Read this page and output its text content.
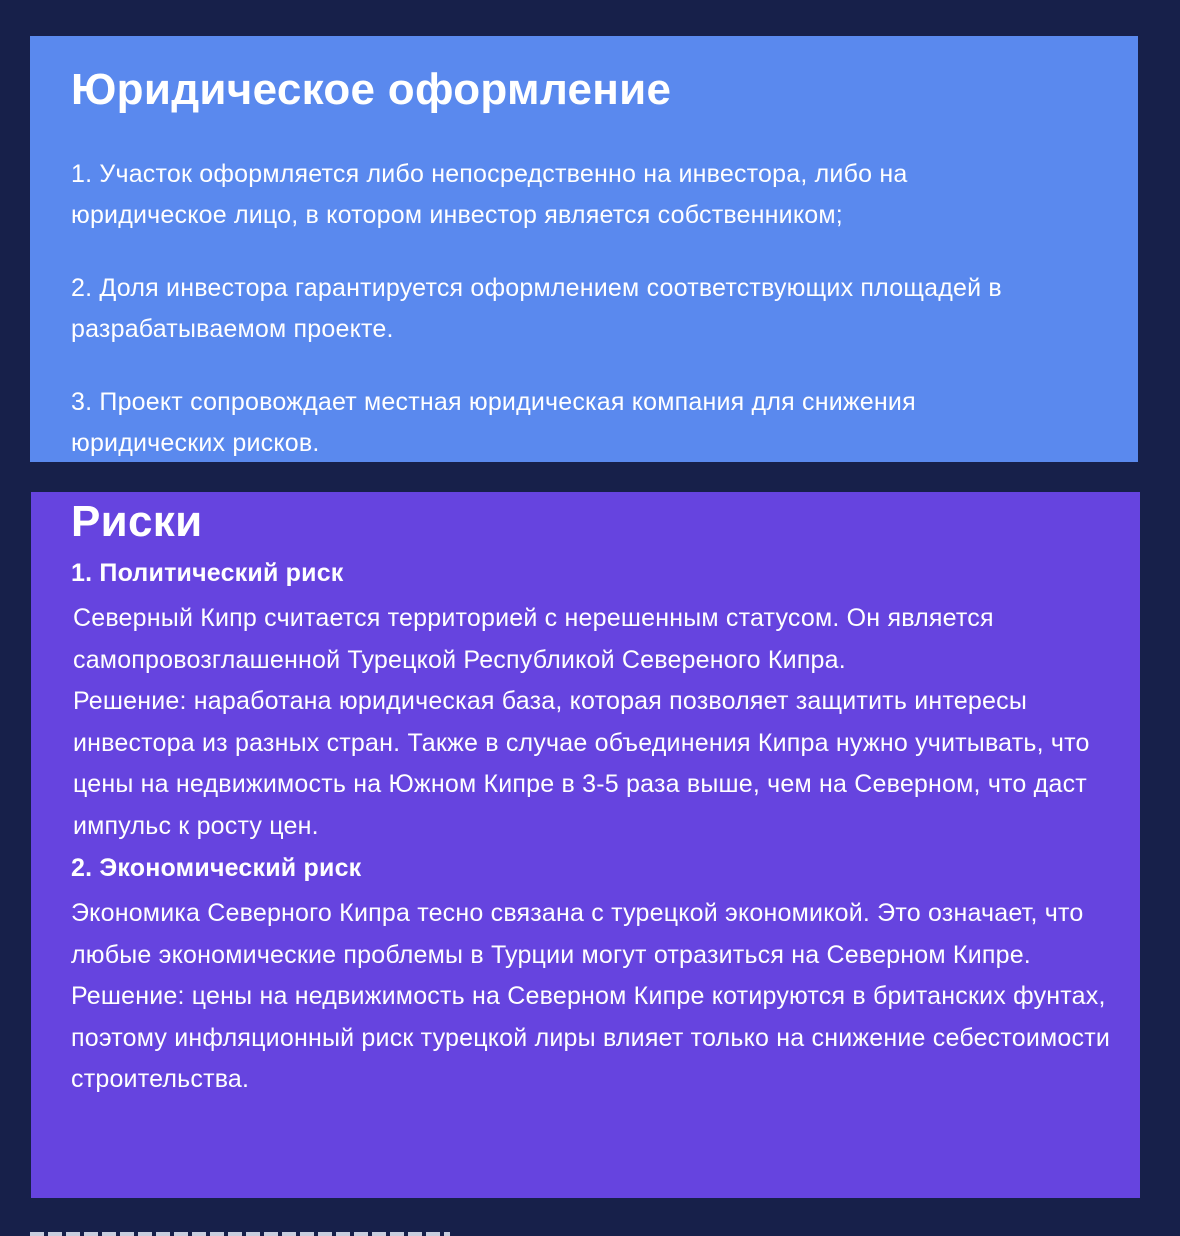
Юридическое оформление

1. Участок оформляется либо непосредственно на инвестора, либо на юридическое лицо, в котором инвестор является собственником;

2. Доля инвестора гарантируется оформлением соответствующих площадей в разрабатываемом проекте.

3. Проект сопровождает местная юридическая компания для снижения юридических рисков.

Риски
1. Политический риск

Северный Кипр считается территорией с нерешенным статусом. Он является самопровозглашенной Турецкой Республикой Севереного Кипра.

Решение: наработана юридическая база, которая позволяет защитить интересы инвестора из разных стран. Также в случае объединения Кипра нужно учитывать, что цены на недвижимость на Южном Кипре в 3-5 раза выше, чем на Северном, что даст импульс к росту цен.

2. Экономический риск

Экономика Северного Кипра тесно связана с турецкой экономикой. Это означает, что любые экономические проблемы в Турции могут отразиться на Северном Кипре.

Решение: цены на недвижимость на Северном Кипре котируются в британских фунтах, поэтому инфляционный риск турецкой лиры влияет только на снижение себестоимости строительства.
